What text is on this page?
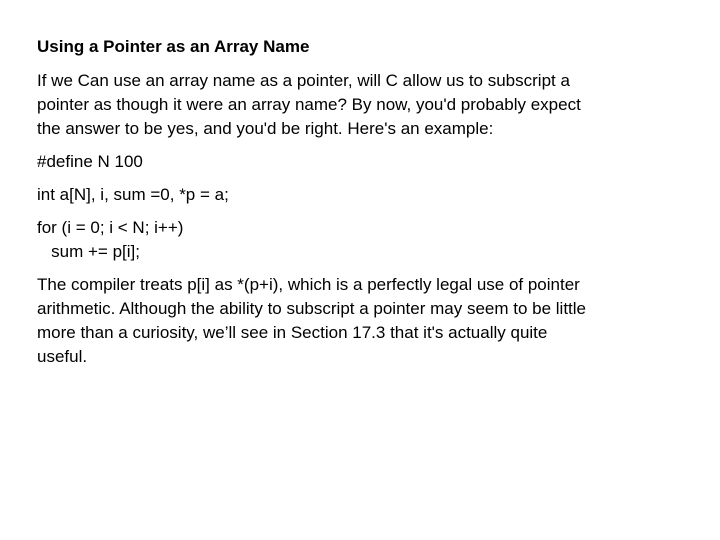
Using a Pointer as an Array Name
If we Can use an array name as a pointer, will C allow us to subscript a
pointer as though it were an array name? By now, you'd probably expect
the answer to be yes, and you'd be right. Here's an example:
#define N 100
int a[N], i, sum =0, *p = a;
for (i = 0; i < N; i++)
sum += p[i];
The compiler treats p[i] as *(p+i), which is a perfectly legal use of pointer
arithmetic. Although the ability to subscript a pointer may seem to be little
more than a curiosity, we’ll see in Section 17.3 that it's actually quite
useful.
